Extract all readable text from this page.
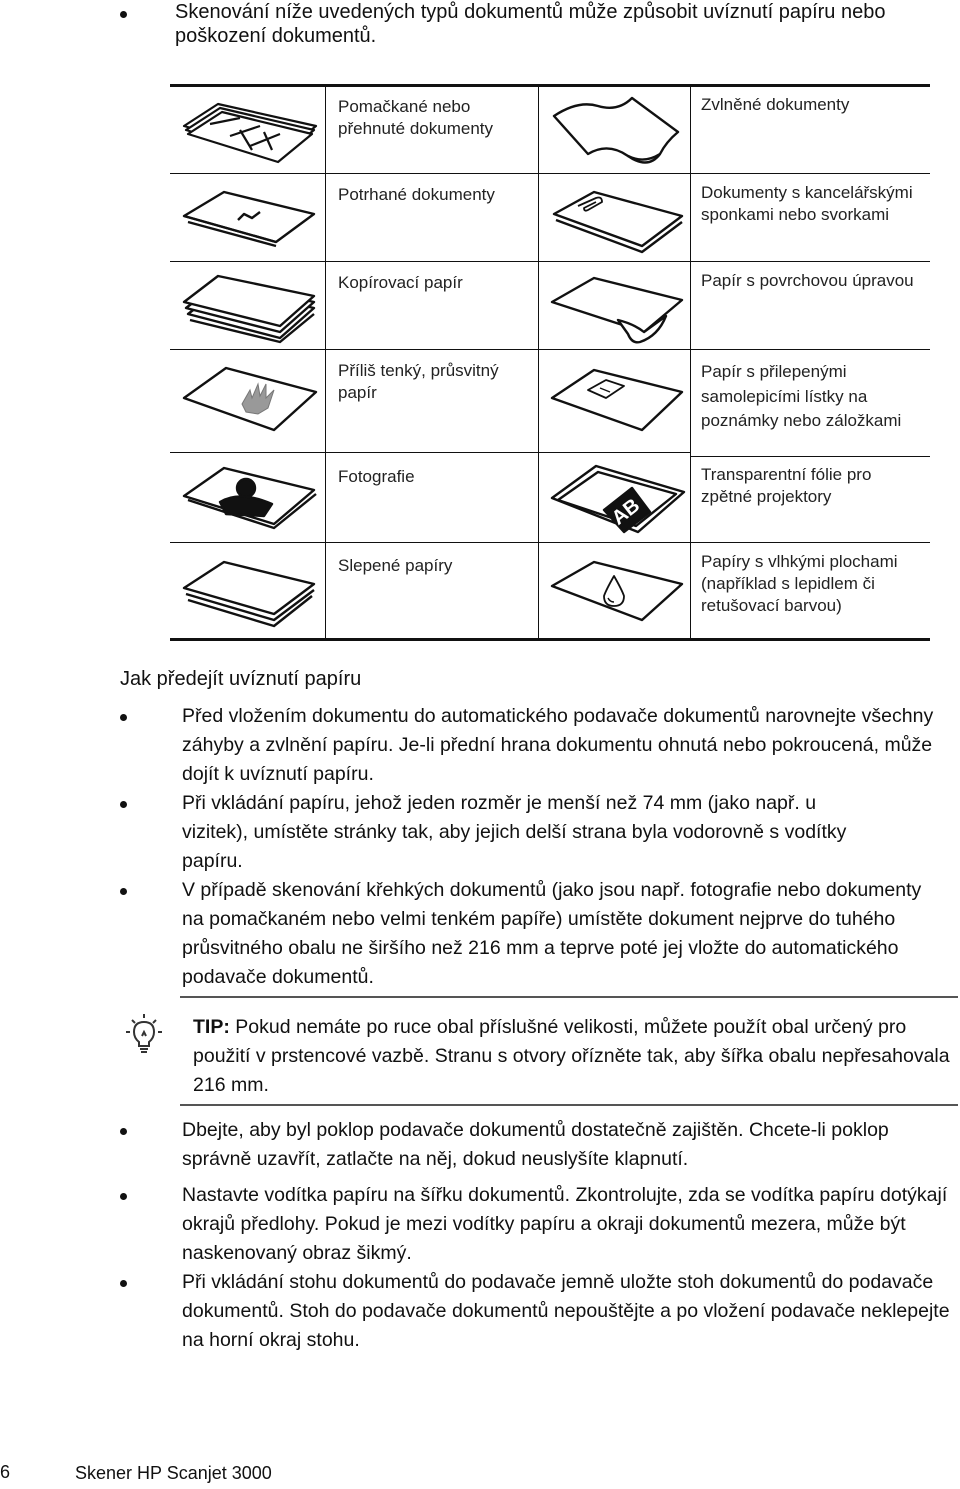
Skenování níže uvedených typů dokumentů může způsobit uvíznutí papíru nebo poškození dokumentů.
Pomačkané nebo přehnuté dokumenty
Potrhané dokumenty
Kopírovací papír
Příliš tenký, průsvitný papír
Fotografie
Slepené papíry
AB
Zvlněné dokumenty
Dokumenty s kancelářskými sponkami nebo svorkami
Papír s povrchovou úpravou
Papír s přilepenými samolepicími lístky na poznámky nebo záložkami
Transparentní fólie pro zpětné projektory
Papíry s vlhkými plochami (například s lepidlem či retušovací barvou)
Jak předejít uvíznutí papíru
Před vložením dokumentu do automatického podavače dokumentů narovnejte všechny záhyby a zvlnění papíru. Je-li přední hrana dokumentu ohnutá nebo pokroucená, může dojít k uvíznutí papíru.
Při vkládání papíru, jehož jeden rozměr je menší než 74 mm (jako např. u vizitek), umístěte stránky tak, aby jejich delší strana byla vodorovně s vodítky papíru.
V případě skenování křehkých dokumentů (jako jsou např. fotografie nebo dokumenty na pomačkaném nebo velmi tenkém papíře) umístěte dokument nejprve do tuhého průsvitného obalu ne širšího než 216 mm a teprve poté jej vložte do automatického podavače dokumentů.
TIP: Pokud nemáte po ruce obal příslušné velikosti, můžete použít obal určený pro použití v prstencové vazbě. Stranu s otvory ořízněte tak, aby šířka obalu nepřesahovala 216 mm.
Dbejte, aby byl poklop podavače dokumentů dostatečně zajištěn. Chcete-li poklop správně uzavřít, zatlačte na něj, dokud neuslyšíte klapnutí.
Nastavte vodítka papíru na šířku dokumentů. Zkontrolujte, zda se vodítka papíru dotýkají okrajů předlohy. Pokud je mezi vodítky papíru a okraji dokumentů mezera, může být naskenovaný obraz šikmý.
Při vkládání stohu dokumentů do podavače jemně uložte stoh dokumentů do podavače dokumentů. Stoh do podavače dokumentů nepouštějte a po vložení podavače neklepejte na horní okraj stohu.
6	Skener HP Scanjet 3000
